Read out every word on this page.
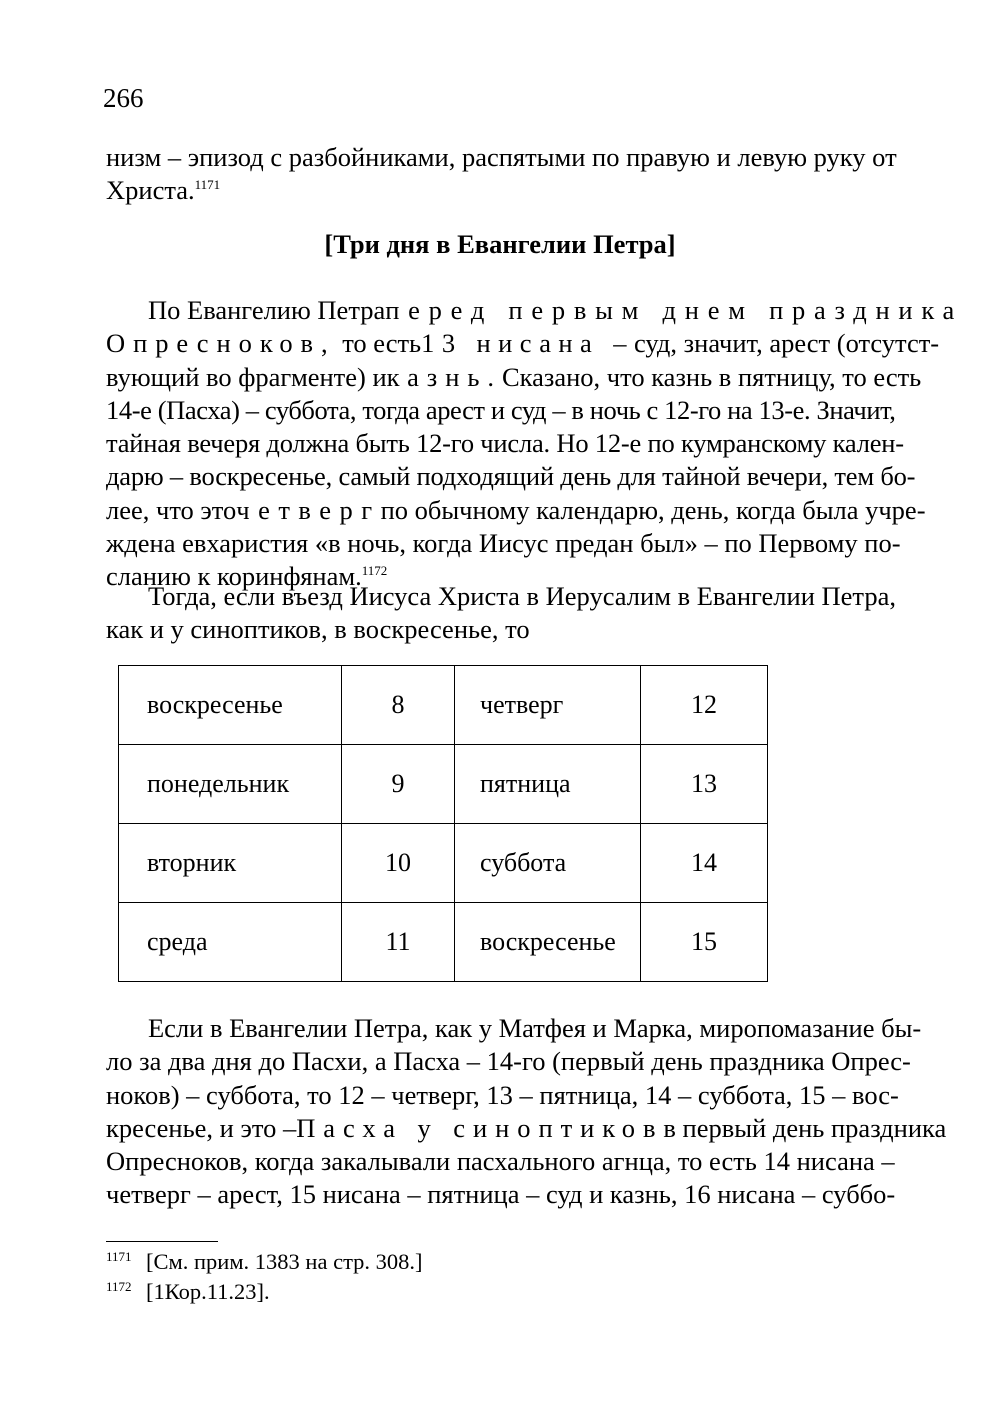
266
низм – эпизод с разбойниками, распятыми по правую и левую руку от
Христа.$^{1171}$
[Три дня в Евангелии Петра]
По Евангелию Петра перед первым днем праздника
Опресноков, то есть 13 нисана – суд, значит, арест (отсутст-
вующий во фрагменте) и казнь. Сказано, что казнь в пятницу, то есть
14-е (Пасха) – суббота, тогда арест и суд – в ночь с 12-го на 13-е. Значит,
тайная вечеря должна быть 12-го числа. Но 12-е по кумранскому кален-
дарю – воскресенье, самый подходящий день для тайной вечери, тем бо-
лее, что это четверг по обычному календарю, день, когда была учре-
ждена евхаристия «в ночь, когда Иисус предан был» – по Первому по-
сланию к коринфянам.$^{1172}$
Тогда, если въезд Иисуса Христа в Иерусалим в Евангелии Петра,
как и у синоптиков, в воскресенье, то
воскресенье	8	четверг	12
понедельник	9	пятница	13
вторник	10	суббота	14
среда	11	воскресенье	15
Если в Евангелии Петра, как у Матфея и Марка, миропомазание бы-
ло за два дня до Пасхи, а Пасха – 14-го (первый день праздника Опрес-
ноков) – суббота, то 12 – четверг, 13 – пятница, 14 – суббота, 15 – вос-
кресенье, и это – Пасха у синоптиков в первый день праздника
Опресноков, когда закалывали пасхального агнца, то есть 14 нисана –
четверг – арест, 15 нисана – пятница – суд и казнь, 16 нисана – суббо-
1171 [См. прим. 1383 на стр. 308.]
1172 [1Кор.11.23].
